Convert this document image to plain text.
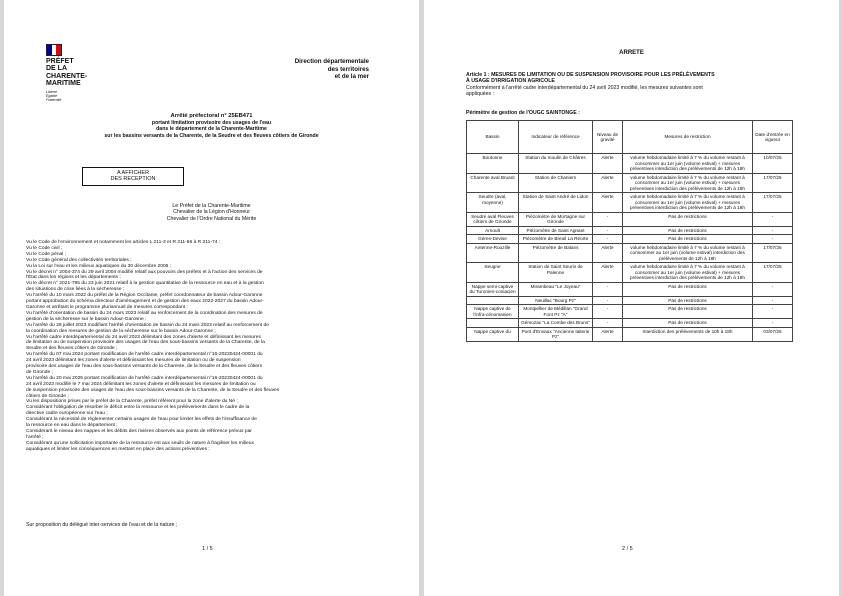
PRÉFET
DE LA
CHARENTE-
MARITIME
Liberté
Égalité
Fraternité
Direction départementale
des territoires
et de la mer
Arrêté préfectoral n° 25EB471
portant limitation provisoire des usages de l'eau
dans le département de la Charente-Maritime
sur les bassins versants de la Charente, de la Seudre et des fleuves côtiers de Gironde
A AFFICHER
DES RECEPTION
Le Préfet de la Charente-Maritime
Chevalier de la Légion d'Honneur
Chevalier de l'Ordre National du Mérite

Vu le Code de l'environnement et notamment les articles L 211-3 et R 211-66 à R 211-74 ;

Vu le Code civil ;

Vu le Code pénal ;

Vu le Code général des collectivités territoriales ;

Vu la Loi sur l'eau et les milieux aquatiques du 30 décembre 2006 ;

Vu le décret n° 2004-374 du 29 avril 2004 modifié relatif aux pouvoirs des préfets et à l'action des services de

l'État dans les régions et les départements ;

Vu le décret n° 2021-795 du 23 juin 2021 relatif à la gestion quantitative de la ressource en eau et à la gestion

des situations de crise liées à la sécheresse ;

Vu l'arrêté du 10 mars 2022 du préfet de la Région Occitanie, préfet coordonnateur de bassin Adour-Garonne

portant approbation du schéma directeur d'aménagement et de gestion des eaux 2022-2027 du bassin Adour-

Garonne et arrêtant le programme pluriannuel de mesures correspondant ;

Vu l'arrêté d'orientation de bassin du 24 mars 2023 relatif au renforcement de la coordination des mesures de

gestion de la sécheresse sur le bassin Adour-Garonne ;

Vu l'arrêté du 28 juillet 2023 modifiant l'arrêté d'orientation de bassin du 24 mars 2023 relatif au renforcement de

la coordination des mesures de gestion de la sécheresse sur le bassin Adour-Garonne ;

Vu l'arrêté cadre interdépartemental du 24 avril 2023 délimitant des zones d'alerte et définissant les mesures

de limitation ou de suspension provisoire des usages de l'eau des sous-bassins versants de la Charente, de la

Seudre et des fleuves côtiers de Gironde ;

Vu l'arrêté du 07 mai 2024 portant modification de l'arrêté cadre interdépartemental n°16-20230424-00001 du

24 avril 2023 délimitant les zones d'alerte et définissant les mesures de limitation ou de suspension

provisoire des usages de l'eau des sous-bassins versants de la Charente, de la Seudre et des fleuves côtiers

de Gironde ;

Vu l'arrêté du 20 mai 2025 portant modification de l'arrêté cadre interdépartemental n°16-20230424-00001 du

24 avril 2023 modifié le 7 mai 2024 délimitant les zones d'alerte et définissant les mesures de limitation ou

de suspension provisoire des usages de l'eau des sous-bassins versants de la Charente, de la Seudre et des fleuves

côtiers de Gironde ;

Vu les dispositions prises par le préfet de la Charente, préfet référent pour la zone d'alerte du Né ;

Considérant l'obligation de résorber le déficit entre la ressource et les prélèvements dans le cadre de la

directive cadre européenne sur l'eau ;

Considérant la nécessité de réglementer certains usages de l'eau pour limiter les effets de l'insuffisance de

la ressource en eau dans le département ;

Considérant le niveau des nappes et les débits des rivières observés aux points de référence prévus par

l'arrêté ;

Considérant qu'une sollicitation importante de la ressource est aux seuils de nature à fragiliser les milieux

aquatiques et limiter les conséquences en mettant en place des actions préventives ;

Sur proposition du délégué inter-services de l'eau et de la nature ;
1 / 5
ARRETE
Article 1 : MESURES DE LIMITATION OU DE SUSPENSION PROVISOIRE POUR LES PRÉLÈVEMENTS
À USAGE D'IRRIGATION AGRICOLE
Conformément à l'arrêté cadre interdépartemental du 24 avril 2023 modifié, les mesures suivantes sont
appliquées :
Périmètre de gestion de l'OUGC SAINTONGE :
Bassin	Indicateur de référence	Niveau de gravité	Mesures de restriction	Date d'entrée en vigueur
Boutonne	Station du moulin de Châtres	Alerte	volume hebdomadaire limité à 7 % du volume restant à consommer au 1er juin (volume estival) + mesures préventives interdiction des prélèvements de 12h à 18h	10/07/25
Charente aval Bruant	Station de Chaniers	Alerte	volume hebdomadaire limité à 7 % du volume restant à consommer au 1er juin (volume estival) + mesures préventives interdiction des prélèvements de 12h à 18h	17/07/25
Seudre (aval, moyenne)	Station de Saint André de Lidon	Alerte	volume hebdomadaire limité à 7 % du volume restant à consommer au 1er juin (volume estival) + mesures préventives interdiction des prélèvements de 12h à 18h	17/07/25
Seudre aval Fleuves côtiers de Gironde	Piézomètre de Mortagne sur Gironde	-	Pas de restrictions	-
Arnoult	Piézomètre de Saint Agnant	-	Pas de restrictions	-
Gères-Devise	Piézomètre de Breuil La Réorte	-	Pas de restrictions	-
Antenne-Rouzille	Piézomètre de Balans	Alerte	volume hebdomadaire limité à 7 % du volume restant à consommer au 1er juin (volume estival) interdiction des prélèvements de 12h à 18h	17/07/25
Seugne	Station de Saint Seurin de Palenne	Alerte	volume hebdomadaire limité à 7 % du volume restant à consommer au 1er juin (volume estival) + mesures préventives interdiction des prélèvements de 12h à 18h	17/07/25
Nappe semi-captive du Turonien-coniacien	Mirambeau "Le Joyeau"	-	Pas de restrictions	-
	Neuillac "Bourg Pz"	-	Pas de restrictions	-
Nappe captive de l'infra-cénomanien	Montpellier de Médillan "Grand Font Pz "A"	-	Pas de restrictions	-
	Gémozac "La Combe des Bruns"	-	Pas de restrictions	-
Nappe captive du	Pont d'Envaux "Ancienne laiterie Pz"	Alerte	Interdiction des prélèvements de 10h à 18h	03/07/25
2 / 5
